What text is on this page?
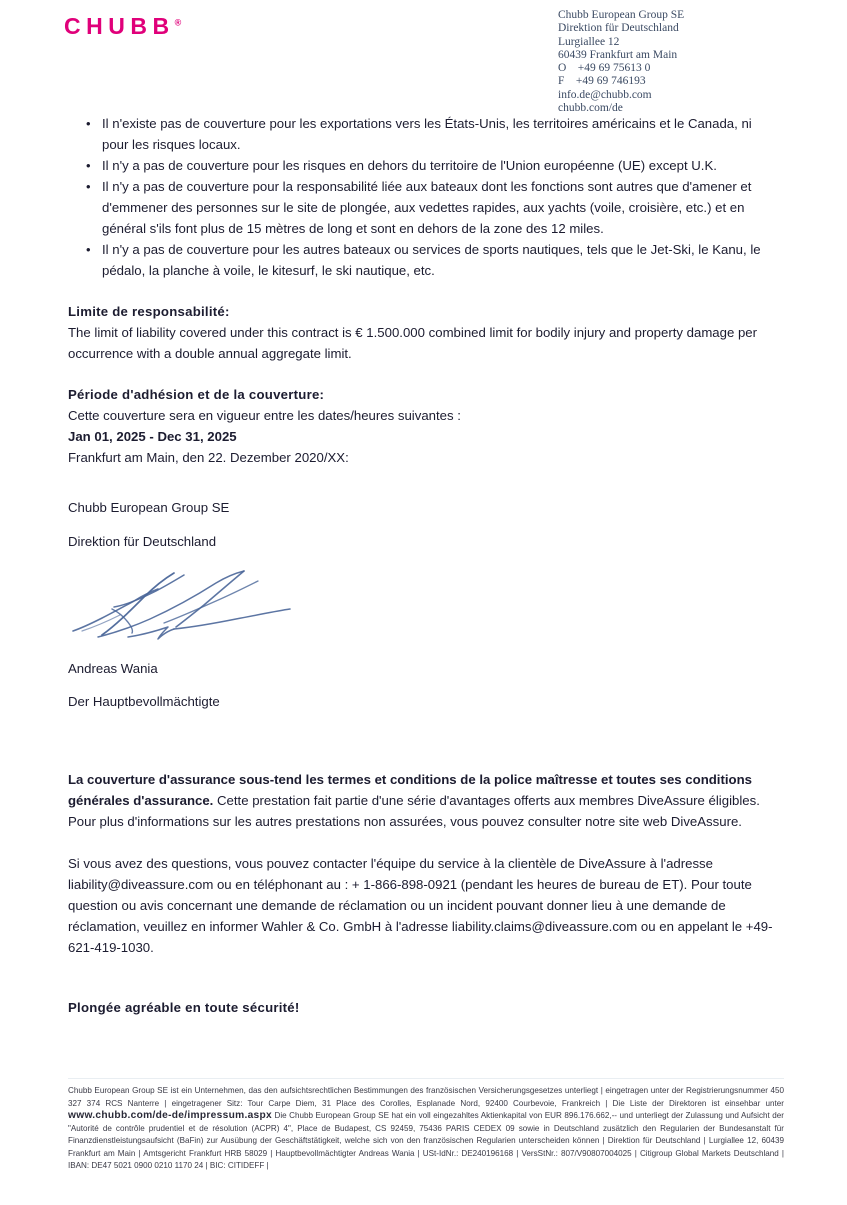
CHUBB®
Chubb European Group SE
Direktion für Deutschland
Lurgiallee 12
60439 Frankfurt am Main
O    +49 69 75613 0
F    +49 69 746193
info.de@chubb.com
chubb.com/de
• Il n'existe pas de couverture pour les exportations vers les États-Unis, les territoires américains et le Canada, ni pour les risques locaux.
• Il n'y a pas de couverture pour les risques en dehors du territoire de l'Union européenne (UE) except U.K.
• Il n'y a pas de couverture pour la responsabilité liée aux bateaux dont les fonctions sont autres que d'amener et d'emmener des personnes sur le site de plongée, aux vedettes rapides, aux yachts (voile, croisière, etc.) et en général s'ils font plus de 15 mètres de long et sont en dehors de la zone des 12 miles.
• Il n'y a pas de couverture pour les autres bateaux ou services de sports nautiques, tels que le Jet-Ski, le Kanu, le pédalo, la planche à voile, le kitesurf, le ski nautique, etc.
Limite de responsabilité:

The limit of liability covered under this contract is € 1.500.000 combined limit for bodily injury and property damage per occurrence with a double annual aggregate limit.

Période d'adhésion et de la couverture:

Cette couverture sera en vigueur entre les dates/heures suivantes :

Jan 01, 2025 - Dec 31, 2025

Frankfurt am Main, den 22. Dezember 2020/XX:

Chubb European Group SE

Direktion für Deutschland

Andreas Wania

Der Hauptbevollmächtigte

La couverture d'assurance sous-tend les termes et conditions de la police maîtresse et toutes ses conditions générales d'assurance. Cette prestation fait partie d'une série d'avantages offerts aux membres DiveAssure éligibles. Pour plus d'informations sur les autres prestations non assurées, vous pouvez consulter notre site web DiveAssure.

Si vous avez des questions, vous pouvez contacter l'équipe du service à la clientèle de DiveAssure à l'adresse liability@diveassure.com ou en téléphonant au : + 1-866-898-0921 (pendant les heures de bureau de ET). Pour toute question ou avis concernant une demande de réclamation ou un incident pouvant donner lieu à une demande de réclamation, veuillez en informer Wahler & Co. GmbH à l'adresse liability.claims@diveassure.com ou en appelant le +49-621-419-1030.

Plongée agréable en toute sécurité!
Chubb European Group SE ist ein Unternehmen, das den aufsichtsrechtlichen Bestimmungen des französischen Versicherungsgesetzes unterliegt | eingetragen unter der Registrierungsnummer 450 327 374 RCS Nanterre | eingetragener Sitz: Tour Carpe Diem, 31 Place des Corolles, Esplanade Nord, 92400 Courbevoie, Frankreich | Die Liste der Direktoren ist einsehbar unter www.chubb.com/de-de/impressum.aspx Die Chubb European Group SE hat ein voll eingezahltes Aktienkapital von EUR 896.176.662,-- und unterliegt der Zulassung und Aufsicht der "Autorité de contrôle prudentiel et de résolution (ACPR) 4", Place de Budapest, CS 92459, 75436 PARIS CEDEX 09 sowie in Deutschland zusätzlich den Regularien der Bundesanstalt für Finanzdienstleistungsaufsicht (BaFin) zur Ausübung der Geschäftstätigkeit, welche sich von den französischen Regularien unterscheiden können | Direktion für Deutschland | Lurgiallee 12, 60439 Frankfurt am Main | Amtsgericht Frankfurt HRB 58029 | Hauptbevollmächtigter Andreas Wania | USt-IdNr.: DE240196168 | VersStNr.: 807/V90807004025 | Citigroup Global Markets Deutschland | IBAN: DE47 5021 0900 0210 1170 24 | BIC: CITIDEFF |
